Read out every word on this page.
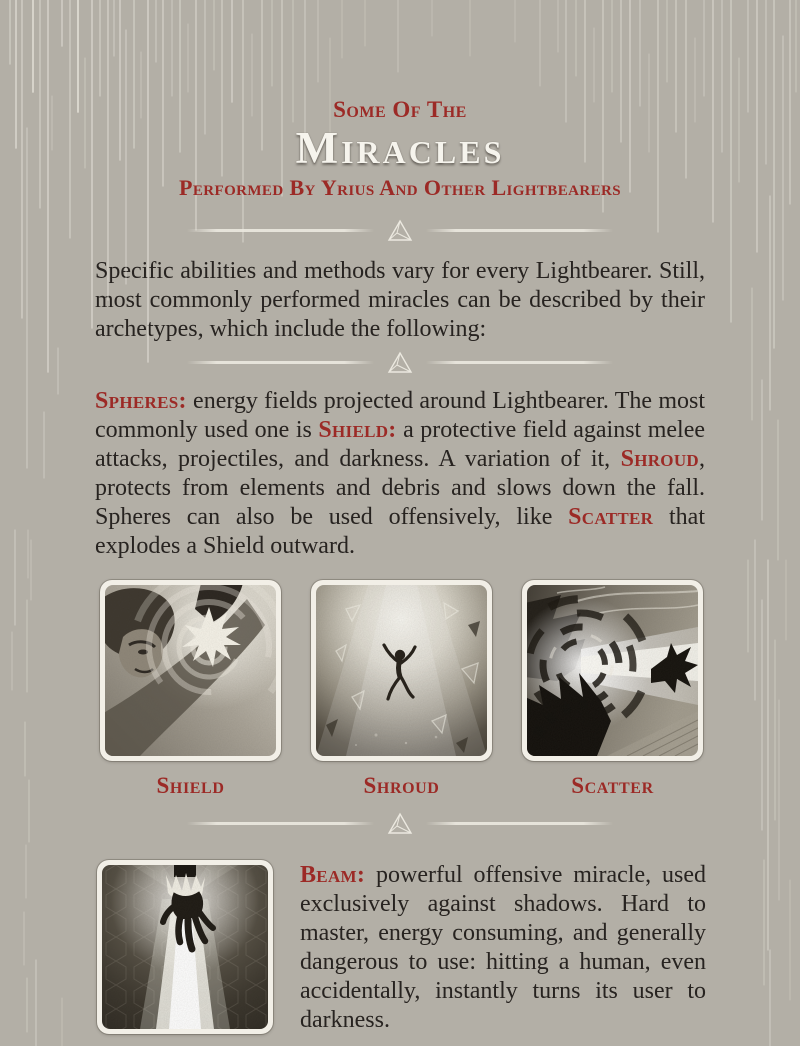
Some Of The
Miracles
Performed By Yrius And Other Lightbearers

Specific abilities and methods vary for every Lightbearer. Still, most commonly performed miracles can be described by their archetypes, which include the following:

Spheres: energy fields projected around Lightbearer. The most commonly used one is Shield: a protective field against melee attacks, projectiles, and darkness. A variation of it, Shroud, protects from elements and debris and slows down the fall. Spheres can also be used offensively, like Scatter that explodes a Shield outward.

Shield	Shroud	Scatter

Beam: powerful offensive miracle, used exclusively against shadows. Hard to master, energy consuming, and generally dangerous to use: hitting a human, even accidentally, instantly turns its user to darkness.
